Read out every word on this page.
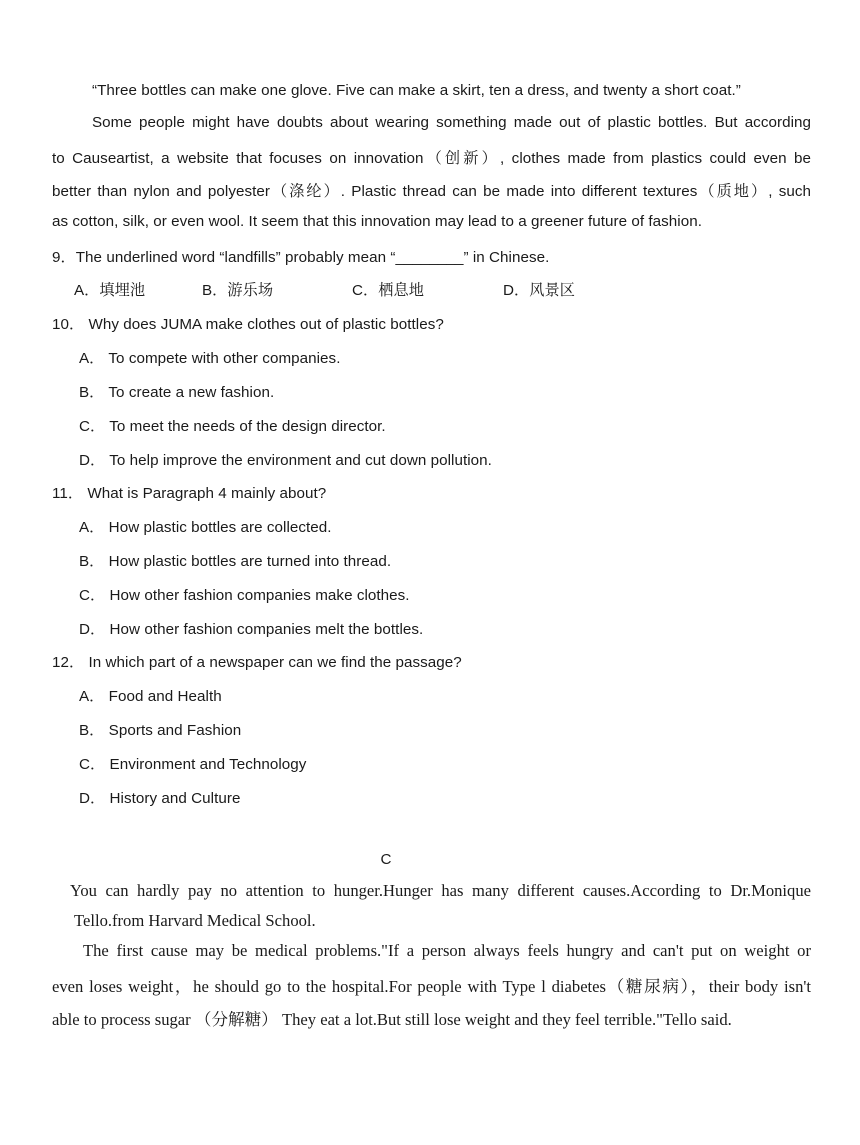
“Three bottles can make one glove. Five can make a skirt, ten a dress, and twenty a short coat.”
Some people might have doubts about wearing something made out of plastic bottles. But according
to Causeartist, a website that focuses on innovation（创新）, clothes made from plastics could even be
better than nylon and polyester（涤纶）. Plastic thread can be made into different textures（质地）, such
as cotton, silk, or even wool. It seem that this innovation may lead to a greener future of fashion.
9．The underlined word “landfills” probably mean “________” in Chinese.
A．填埋池	B．游乐场	C．栖息地	D．风景区
10． Why does JUMA make clothes out of plastic bottles?
A． To compete with other companies.
B． To create a new fashion.
C． To meet the needs of the design director.
D． To help improve the environment and cut down pollution.
11． What is Paragraph 4 mainly about?
A． How plastic bottles are collected.
B． How plastic bottles are turned into thread.
C． How other fashion companies make clothes.
D． How other fashion companies melt the bottles.
12． In which part of a newspaper can we find the passage?
A． Food and Health
B． Sports and Fashion
C． Environment and Technology
D． History and Culture
C
You can hardly pay no attention to hunger.Hunger has many different causes.According to Dr.Monique
Tello.from Harvard Medical School.
The first cause may be medical problems."If a person always feels hungry and can't put on weight or
even loses weight，he should go to the hospital.For people with Type l diabetes（糖尿病），their body isn't
able to process sugar （分解糖） They eat a lot.But still lose weight and they feel terrible."Tello said.
